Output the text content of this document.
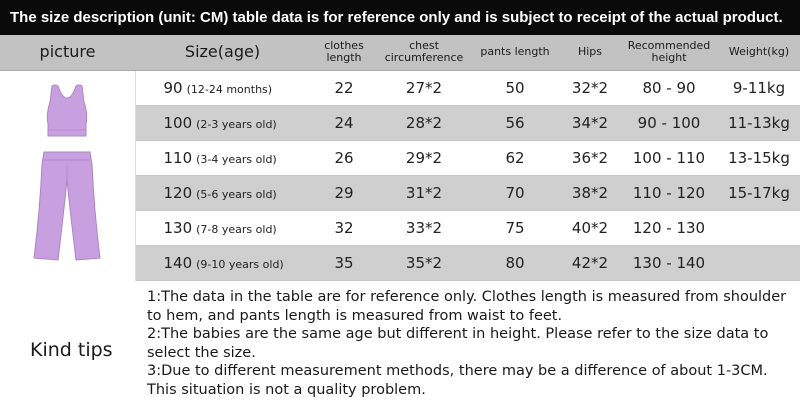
The size description (unit: CM) table data is for reference only and is subject to receipt of the actual product.
picture	Size(age)	clothes length	chest circumference	pants length	Hips	Recommended height	Weight(kg)

	90 (12-24 months)	22	27*2	50	32*2	80 - 90	9-11kg
	100 (2-3 years old)	24	28*2	56	34*2	90 - 100	11-13kg
	110 (3-4 years old)	26	29*2	62	36*2	100 - 110	13-15kg
	120 (5-6 years old)	29	31*2	70	38*2	110 - 120	15-17kg
	130 (7-8 years old)	32	33*2	75	40*2	120 - 130	
	140 (9-10 years old)	35	35*2	80	42*2	130 - 140	
Kind tips

1:The data in the table are for reference only. Clothes length is measured from shoulder to hem, and pants length is measured from waist to feet.

2:The babies are the same age but different in height. Please refer to the size data to select the size.

3:Due to different measurement methods, there may be a difference of about 1-3CM. This situation is not a quality problem.
